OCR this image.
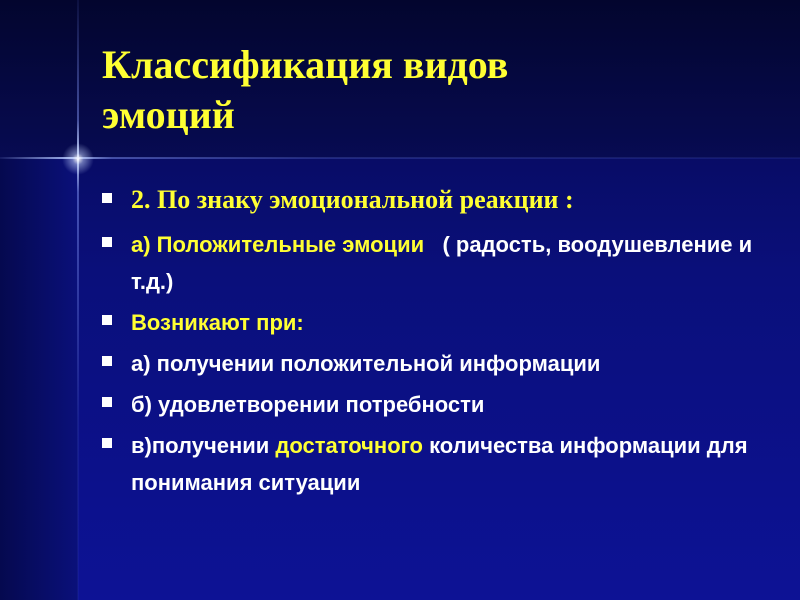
Классификация видов
эмоций
2. По знаку эмоциональной реакции :
а) Положительные эмоции   ( радость, воодушевление и т.д.)
Возникают при:
а) получении положительной информации
б) удовлетворении потребности
в)получении достаточного количества информации для понимания ситуации
